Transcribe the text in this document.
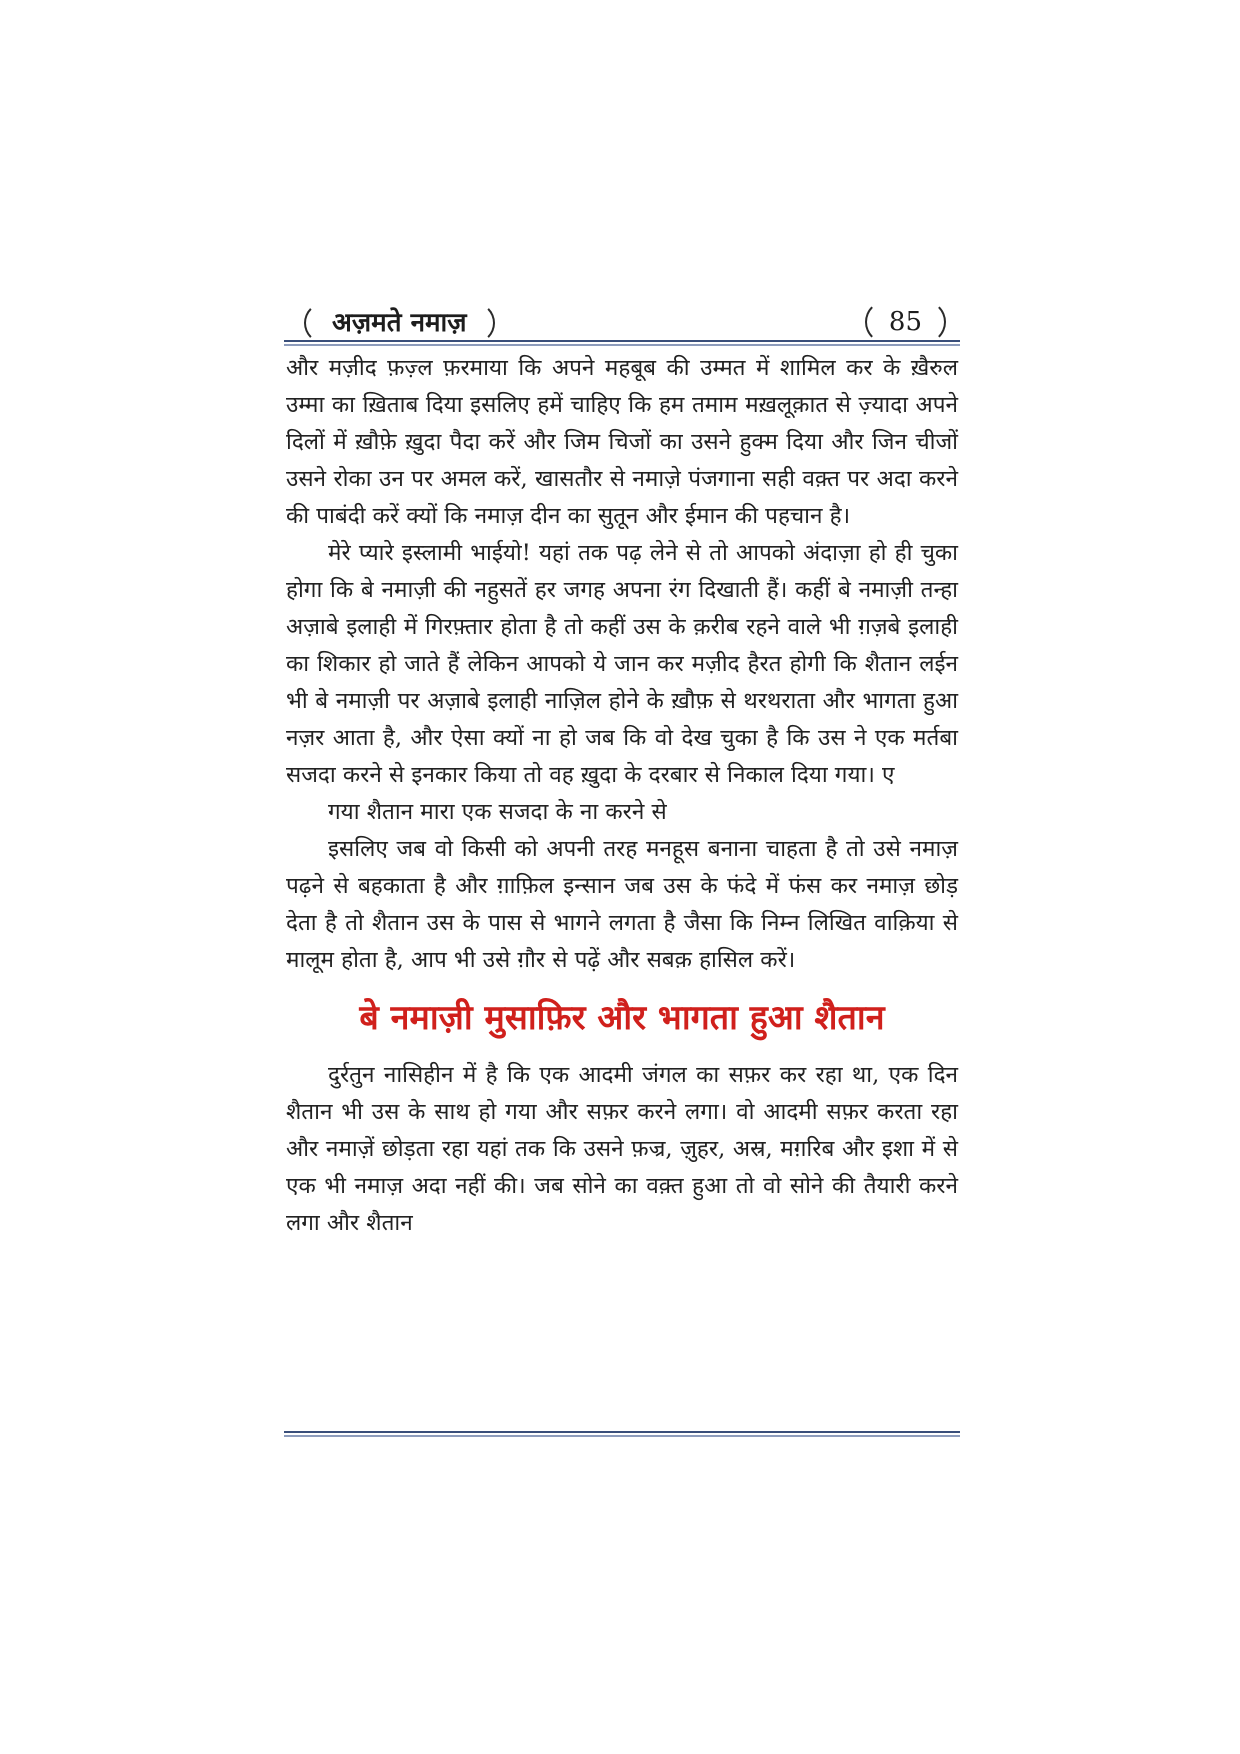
अज़मते नमाज़	85

और मज़ीद फ़ज़्ल फ़रमाया कि अपने महबूब की उम्मत में शामिल कर के ख़ैरुल उम्मा का ख़िताब दिया इसलिए हमें चाहिए कि हम तमाम मख़लूक़ात से ज़्यादा अपने दिलों में ख़ौफ़े ख़ुदा पैदा करें और जिम चिजों का उसने हुक्म दिया और जिन चीजों उसने रोका उन पर अमल करें, खासतौर से नमाज़े पंजगाना सही वक़्त पर अदा करने की पाबंदी करें क्यों कि नमाज़ दीन का सुतून और ईमान की पहचान है।

मेरे प्यारे इस्लामी भाईयो! यहां तक पढ़ लेने से तो आपको अंदाज़ा हो ही चुका होगा कि बे नमाज़ी की नहुसतें हर जगह अपना रंग दिखाती हैं। कहीं बे नमाज़ी तन्हा अज़ाबे इलाही में गिरफ़्तार होता है तो कहीं उस के क़रीब रहने वाले भी ग़ज़बे इलाही का शिकार हो जाते हैं लेकिन आपको ये जान कर मज़ीद हैरत होगी कि शैतान लईन भी बे नमाज़ी पर अज़ाबे इलाही नाज़िल होने के ख़ौफ़ से थरथराता और भागता हुआ नज़र आता है, और ऐसा क्यों ना हो जब कि वो देख चुका है कि उस ने एक मर्तबा सजदा करने से इनकार किया तो वह ख़ुदा के दरबार से निकाल दिया गया। ए

गया शैतान मारा एक सजदा के ना करने से

इसलिए जब वो किसी को अपनी तरह मनहूस बनाना चाहता है तो उसे नमाज़ पढ़ने से बहकाता है और ग़ाफ़िल इन्सान जब उस के फंदे में फंस कर नमाज़ छोड़ देता है तो शैतान उस के पास से भागने लगता है जैसा कि निम्न लिखित वाक़िया से मालूम होता है, आप भी उसे ग़ौर से पढ़ें और सबक़ हासिल करें।

बे नमाज़ी मुसाफ़िर और भागता हुआ शैतान

दुर्रतुन नासिहीन में है कि एक आदमी जंगल का सफ़र कर रहा था, एक दिन शैतान भी उस के साथ हो गया और सफ़र करने लगा। वो आदमी सफ़र करता रहा और नमाज़ें छोड़ता रहा यहां तक कि उसने फ़ज्र, ज़ुहर, अस्र, मग़रिब और इशा में से एक भी नमाज़ अदा नहीं की। जब सोने का वक़्त हुआ तो वो सोने की तैयारी करने लगा और शैतान
